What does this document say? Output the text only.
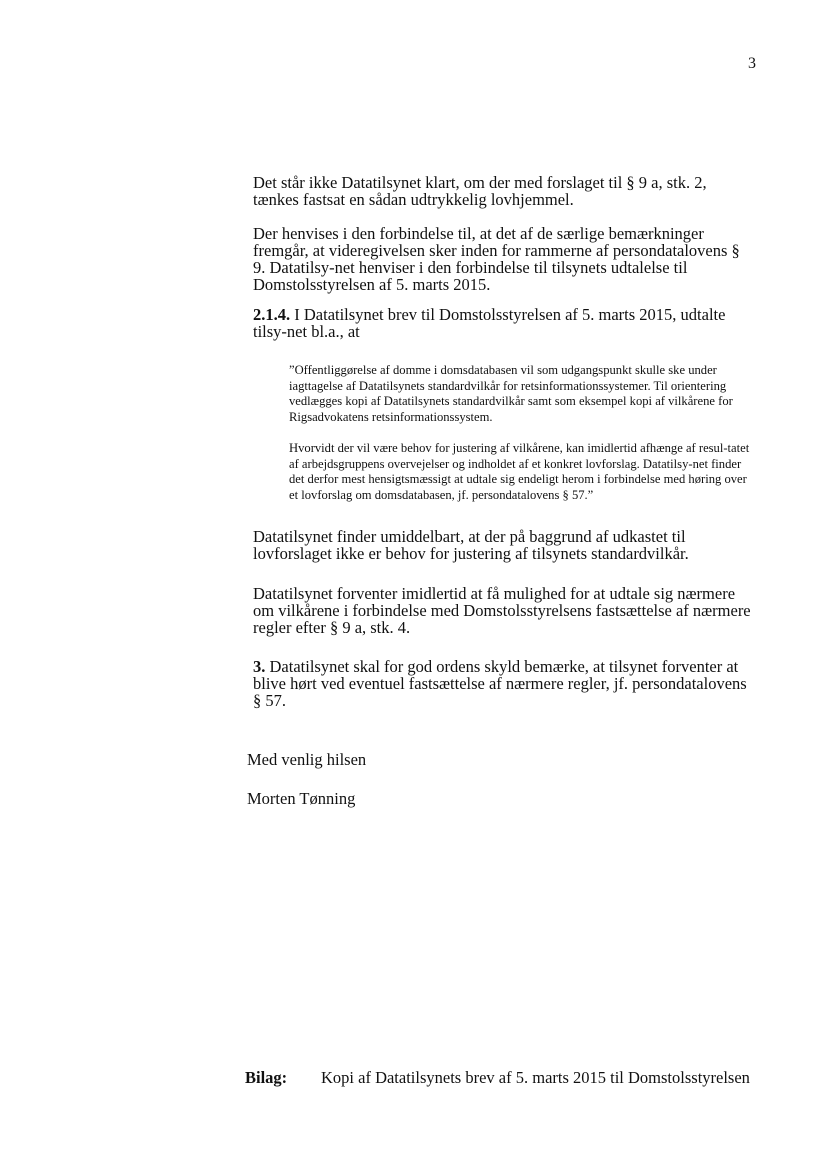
3

Det står ikke Datatilsynet klart, om der med forslaget til § 9 a, stk. 2, tænkes fastsat en sådan udtrykkelig lovhjemmel.

Der henvises i den forbindelse til, at det af de særlige bemærkninger fremgår, at videregivelsen sker inden for rammerne af persondatalovens § 9. Datatilsy-net henviser i den forbindelse til tilsynets udtalelse til Domstolsstyrelsen af 5. marts 2015.

2.1.4. I Datatilsynet brev til Domstolsstyrelsen af 5. marts 2015, udtalte tilsy-net bl.a., at

”Offentliggørelse af domme i domsdatabasen vil som udgangspunkt skulle ske under iagttagelse af Datatilsynets standardvilkår for retsinformationssystemer. Til orientering vedlægges kopi af Datatilsynets standardvilkår samt som eksempel kopi af vilkårene for Rigsadvokatens retsinformationssystem.

Hvorvidt der vil være behov for justering af vilkårene, kan imidlertid afhænge af resul-tatet af arbejdsgruppens overvejelser og indholdet af et konkret lovforslag. Datatilsy-net finder det derfor mest hensigtsmæssigt at udtale sig endeligt herom i forbindelse med høring over et lovforslag om domsdatabasen, jf. persondatalovens § 57.”

Datatilsynet finder umiddelbart, at der på baggrund af udkastet til lovforslaget ikke er behov for justering af tilsynets standardvilkår.

Datatilsynet forventer imidlertid at få mulighed for at udtale sig nærmere om vilkårene i forbindelse med Domstolsstyrelsens fastsættelse af nærmere regler efter § 9 a, stk. 4.

3. Datatilsynet skal for god ordens skyld bemærke, at tilsynet forventer at blive hørt ved eventuel fastsættelse af nærmere regler, jf. persondatalovens § 57.

Med venlig hilsen

Morten Tønning

Bilag: Kopi af Datatilsynets brev af 5. marts 2015 til Domstolsstyrelsen
